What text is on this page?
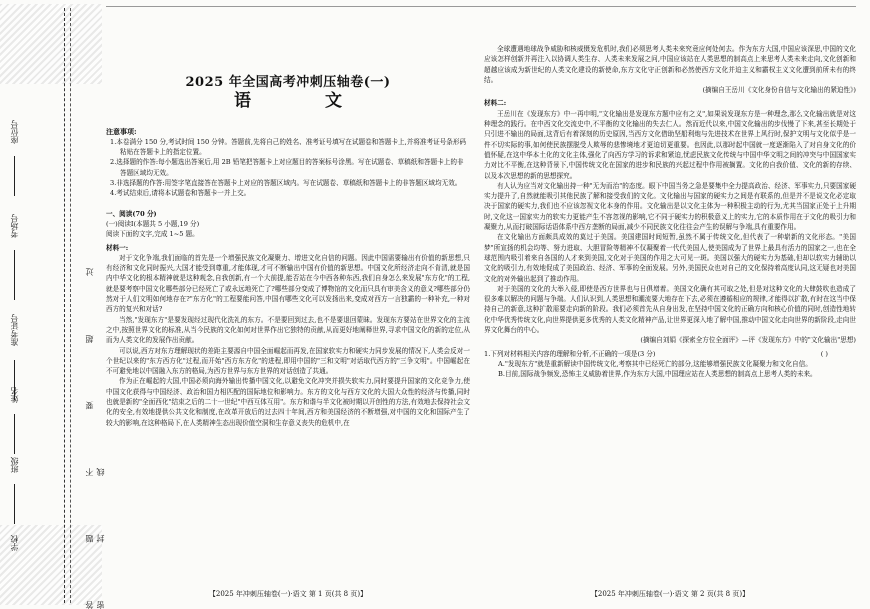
座位号
考场号
准考证号
姓名
班级
学校	答 题 不 要 超 过 密 封 线
2025 年全国高考冲刺压轴卷(一)
语 文
注意事项:
1.本卷满分 150 分,考试时间 150 分钟。答题前,先将自己的姓名、准考证号填写在试题卷和答题卡上,并将准考证号条形码粘贴在答题卡上的指定位置。
2.选择题的作答:每小题选出答案后,用 2B 铅笔把答题卡上对应题目的答案标号涂黑。写在试题卷、草稿纸和答题卡上的非答题区域均无效。
3.非选择题的作答:用签字笔直接答在答题卡上对应的答题区域内。写在试题卷、草稿纸和答题卡上的非答题区域均无效。
4.考试结束后,请将本试题卷和答题卡一并上交。
一、阅读(70 分)
(一)阅读Ⅰ(本题共 5 小题,19 分)
阅读下面的文字,完成 1~5 题。
材料一:

对于文化争端,我们面临的首先是一个增强民族文化凝聚力、增进文化自信的问题。因此中国需要输出有价值的新思想,只有经济和文化同时振兴,大国才能受到尊重,才能体现,才可不断输出中国有价值的新思想。中国文化所经济走向不肯清,就是国内中华文化的根本精神就是这种观念,自我创新,有一个大前提,能否站在今中西各种东西,我们自身怎么来发展"东方化"的工程,就是要考察中国文化哪些部分已经死亡了或永远地死亡了?哪些部分变成了博物馆的文化而只具有审美含义的意义?哪些部分仍然对于人们文明如何地存在?"东方化"的工程要能问答,中国有哪些文化可以发扬出来,变成对西方一言独霸的一种补充,一种对西方的复兴和对话?

当然,"发现东方"是要发现经过现代化洗礼的东方。不是要回到过去,也不是要退回蒙昧。发现东方要站在世界文化的主流之中,按照世界文化的标准,从当今民族的文化如何对世界作出它独特的贡献,从而更好地阐释世界,寻求中国文化的新的定位,从而为人类文化的发展作出贡献。

可以说,西方对东方理解现状的差距主要源自中国全面崛起而再发,在国家软实力和硬实力同步发展的情况下,人类会反对一个世纪以来的"东方西方化"过程,而开始"西方东方化"的进程,即用中国的"三和文明"对话取代西方的"三争文明"。中国崛起在不可避免地以中国融入东方的格局,为西方世界与东方世界的对话创造了共通。

作为正在崛起的大国,中国必须向海外输出传播中国文化,以避免文化冲突并损失软实力,同时要提升国家的文化竞争力,使中国文化获得与中国经济、政治和国力相匹配的国际地位和影响力。东方的文化与西方文化的大国大众性的经济与传播,同时也就是新的"全面西化"结束之后的二十一世纪"中西互体互用"。东方和谐与半文化被时期以开创性的方法,有效地去保持社会文化的安全,有效地提供公共文化和制度,在改革开放后的过去四十年间,西方和美国经济的不断增强,对中国的文化和国际产生了较大的影响,在这种格局下,在人类精神生态出现价值空洞和生存意义丧失的危机中,在

【2025 年冲刺压轴卷(一)·语文 第 1 页(共 8 页)】

全球遭遇地球战争威胁和核威慑发危机时,我们必须思考人类未来究竟应何处何去。作为东方大国,中国应该深思,中国的文化应该怎样创新并再注入以协调人类生存、人类未来发展之问,中国应该站在人类思想的制高点上来思考人类未来走向,文化创新和超越应该成为新世纪的人类文化建设的新使命,东方文化守正创新和必然使西方文化并迫主义和霸权主义文化遭到前所未有的终结。

(摘编自王岳川《文化身份自信与文化输出的紧迫性》)
材料二:

王岳川在《发现东方》中一再申明,"文化输出是发现东方题中应有之义",如果说发现东方是一种理念,那么文化输出就是对这种理念的践行。在中西文化交流史中,不平衡的文化输出的失去仁人。然而近代以来,中国文化输出的步伐慢了下来,甚至长期处于只引进不输出的局面,这背后有着深刻的历史原因,当西方文化借助坚船利炮与先进技术在世界上风行时,保护文明与文化似乎是一件不切实际的事,如何使民族摆脱受人欺辱的悲惨境地才更迫切更重要。也因此,以那时起中国就一度逐渐陷入了对自身文化的价值怀疑,在这中华本土化的文化主体,强化了向西方学习的诉求和紧迫,忧虑民族文化传统与中国中华文明之间的冲突与中国国家实力对比不平衡,在这种背景下,中国传统文化在国家的进步和民族的兴起过程中作用被搁置。文化的自我价值、文化的新的存续、以及本次思想的新的思想探究。

有人认为应当对文化输出持一种"无为而治"的态度。眼下中国当务之急是要集中全力提高政治、经济、军事实力,只要国家硬实力提升了,自然就能吸引其他民族了解和接受我们的文化。文化输出与国家的硬实力之间是有联系的,但是并不是说文化必定取决于国家的硬实力,我们也不应该忽视文化本身的作用。文化输出是以文化主体为一种积极主动的行为,尤其当国家正处于上升期时,文化这一国家实力的软实力更能产生不容忽视的影响,它不同于硬实力的积极意义上的实力,它的本质作用在于文化的吸引力和凝聚力,从而打破国际话语体系中西方垄断的局面,减少不同民族文化往往会产生的误解与争端,具有重要作用。

在文化输出方面颇具成效的莫过于美国。美国建国时间短暂,虽然不属于传统文化,但代表了一种崭新的文化形态。"美国梦"所宣扬的机会均等、努力进取、大胆冒险等精神不仅凝聚着一代代美国人,使美国成为了世界上最具有活力的国家之一,也在全球范围内吸引着来自各国的人才来到美国,文化对于美国的作用之大可见一斑。美国以强大的硬实力为基础,但却以软实力辅助以文化的吸引力,有效地促成了美国政治、经济、军事的全面发展。另外,美国民众也对自己的文化保持着高度认同,这无疑也对美国文化的对外输出起到了推动作用。

对于美国的文化的大举入侵,即使是西方世界也与日俱增着。美国文化确有其可取之处,但是对这种文化的大肆鼓吹也造成了很多难以解决的问题与争端。人们认识到,人类思想和潮流要大地存在下去,必须在遵循相应的规律,才能得以扩散,有时在这当中保持自己的新意,这种扩散需要走向新的阶段。我们必须首先从自身出发,在坚持中国文化的正确方向和核心价值的同时,创造性地转化中华优秀传统文化,向世界提供更多优秀的人类文化精神产品,让世界更深入地了解中国,推动中国文化走向世界的新阶段,走向世界文化舞台的中心。

(摘编自刘娟《探索全方位全面评》—评《发现东方》中的"文化输出"思想)
( )
1.下列对材料相关内容的理解和分析,不正确的一项是(3 分)
A."发现东方"就是重新解读中国传统文化,考察其中已经死亡的部分,这能够增强民族文化凝聚力和文化自信。
B.目前,国际战争频发,恐怖主义威胁着世界,作为东方大国,中国理应站在人类思想的制高点上思考人类的未来。
【2025 年冲刺压轴卷(一)·语文 第 2 页(共 8 页)】
